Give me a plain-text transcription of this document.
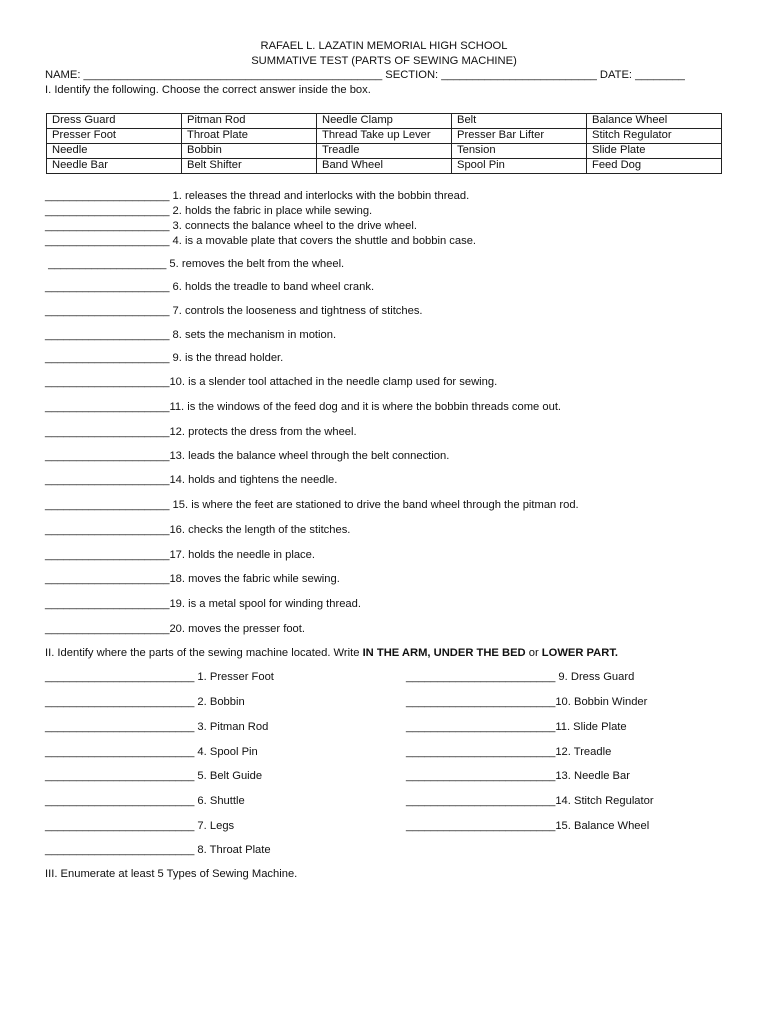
RAFAEL L. LAZATIN MEMORIAL HIGH SCHOOL
SUMMATIVE TEST (PARTS OF SEWING MACHINE)
NAME: ________________________________________________ SECTION: _________________________ DATE: ________
I. Identify the following. Choose the correct answer inside the box.
Dress Guard	Pitman Rod	Needle Clamp	Belt	Balance Wheel
Presser Foot	Throat Plate	Thread Take up Lever	Presser Bar Lifter	Stitch Regulator
Needle	Bobbin	Treadle	Tension	Slide Plate
Needle Bar	Belt Shifter	Band Wheel	Spool Pin	Feed Dog
____________________ 1. releases the thread and interlocks with the bobbin thread.
____________________ 2. holds the fabric in place while sewing.
____________________ 3. connects the balance wheel to the drive wheel.
____________________ 4. is a movable plate that covers the shuttle and bobbin case.
___________________ 5. removes the belt from the wheel.
____________________ 6. holds the treadle to band wheel crank.
____________________ 7. controls the looseness and tightness of stitches.
____________________ 8. sets the mechanism in motion.
____________________ 9. is the thread holder.
____________________10. is a slender tool attached in the needle clamp used for sewing.
____________________11. is the windows of the feed dog and it is where the bobbin threads come out.
____________________12. protects the dress from the wheel.
____________________13. leads the balance wheel through the belt connection.
____________________14. holds and tightens the needle.
____________________ 15. is where the feet are stationed to drive the band wheel through the pitman rod.
____________________16. checks the length of the stitches.
____________________17. holds the needle in place.
____________________18. moves the fabric while sewing.
____________________19. is a metal spool for winding thread.
____________________20. moves the presser foot.
II. Identify where the parts of the sewing machine located. Write IN THE ARM, UNDER THE BED or LOWER PART.
________________________ 1. Presser Foot
________________________ 2. Bobbin
________________________ 3. Pitman Rod
________________________ 4. Spool Pin
________________________ 5. Belt Guide
________________________ 6. Shuttle
________________________ 7. Legs
________________________ 8. Throat Plate
________________________ 9. Dress Guard
________________________10. Bobbin Winder
________________________11. Slide Plate
________________________12. Treadle
________________________13. Needle Bar
________________________14. Stitch Regulator
________________________15. Balance Wheel
III. Enumerate at least 5 Types of Sewing Machine.
